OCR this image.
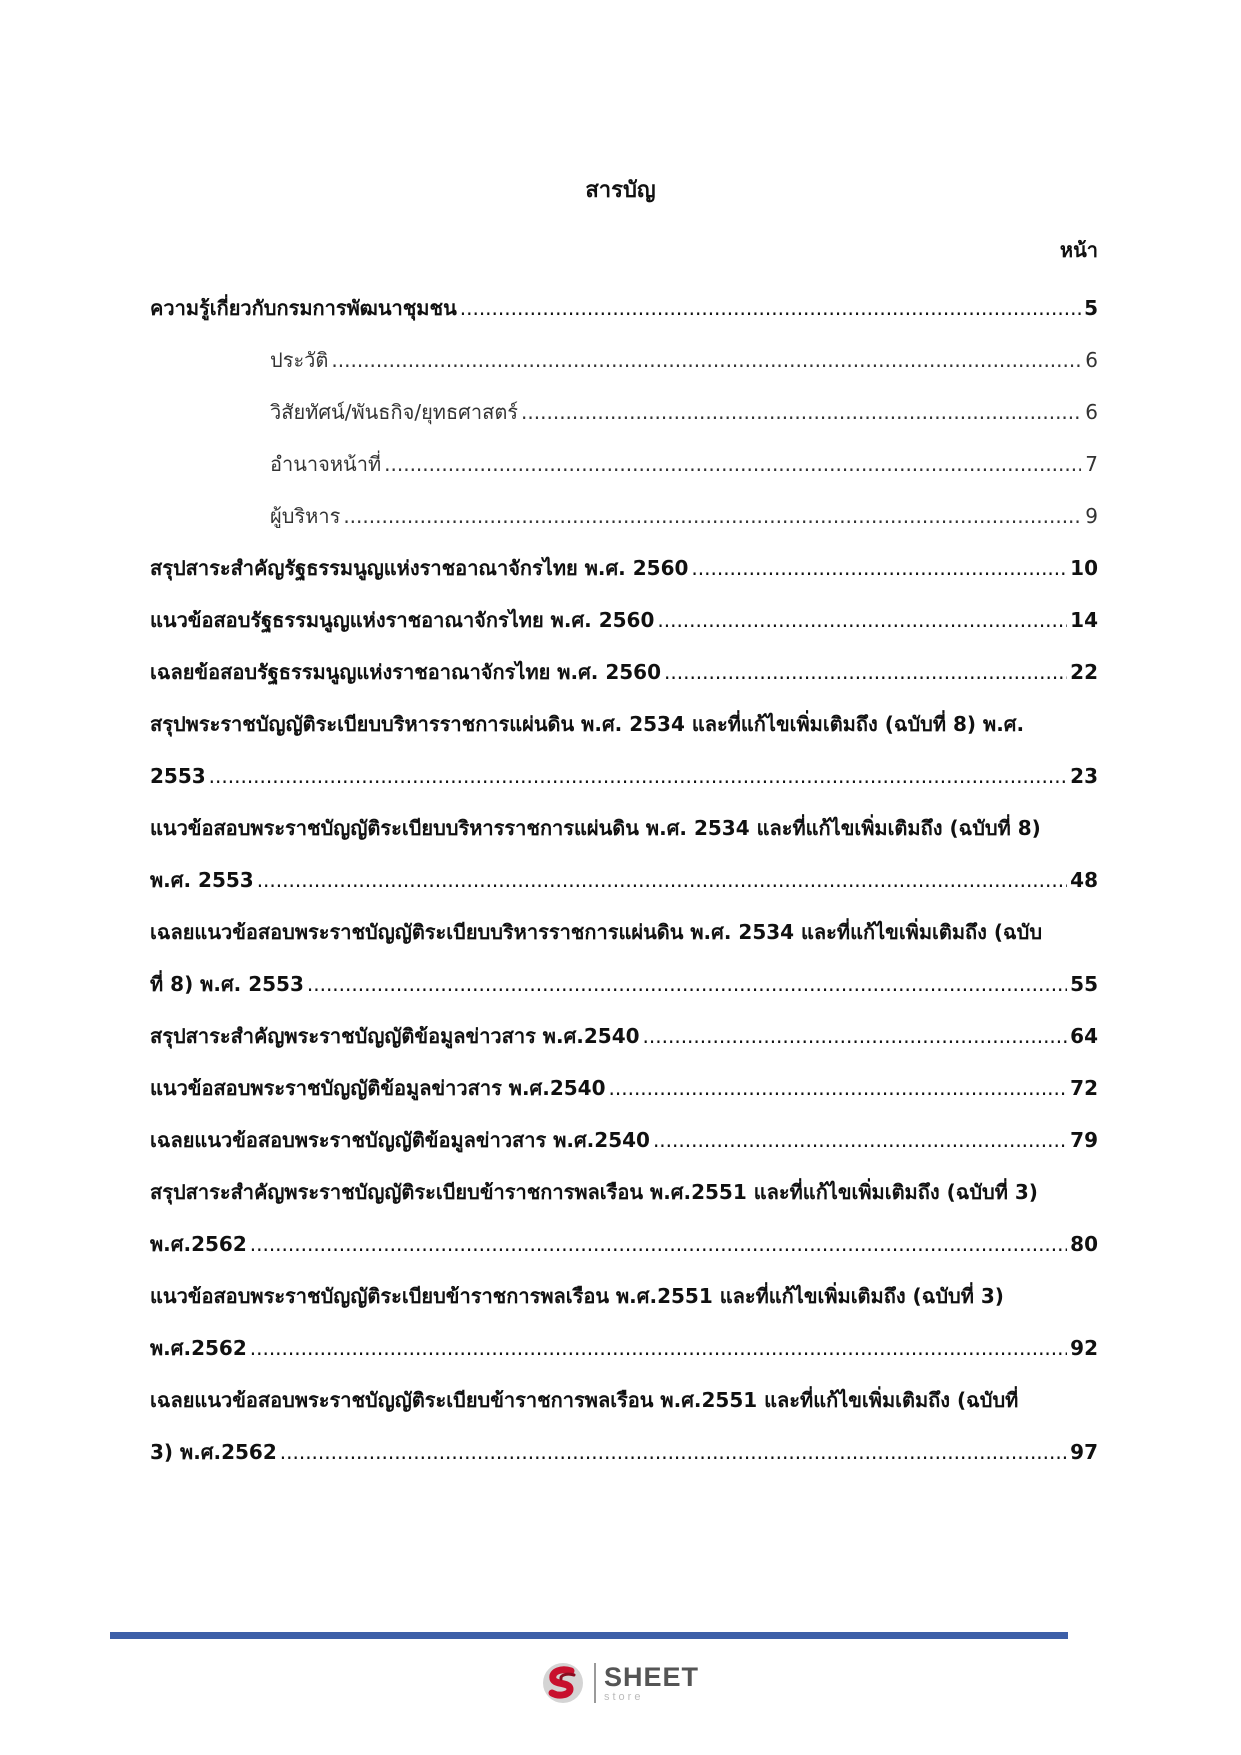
สารบัญ
หน้า
ความรู้เกี่ยวกับกรมการพัฒนาชุมชน .....	5
ประวัติ .....	6
วิสัยทัศน์/พันธกิจ/ยุทธศาสตร์ .....	6
อำนาจหน้าที่ .....	7
ผู้บริหาร .....	9
สรุปสาระสำคัญรัฐธรรมนูญแห่งราชอาณาจักรไทย พ.ศ. 2560 .....	10
แนวข้อสอบรัฐธรรมนูญแห่งราชอาณาจักรไทย พ.ศ. 2560 .....	14
เฉลยข้อสอบรัฐธรรมนูญแห่งราชอาณาจักรไทย พ.ศ. 2560 .....	22
สรุปพระราชบัญญัติระเบียบบริหารราชการแผ่นดิน พ.ศ. 2534 และที่แก้ไขเพิ่มเติมถึง (ฉบับที่ 8) พ.ศ.
2553 .....	23
แนวข้อสอบพระราชบัญญัติระเบียบบริหารราชการแผ่นดิน พ.ศ. 2534 และที่แก้ไขเพิ่มเติมถึง (ฉบับที่ 8)
พ.ศ. 2553 .....	48
เฉลยแนวข้อสอบพระราชบัญญัติระเบียบบริหารราชการแผ่นดิน พ.ศ. 2534 และที่แก้ไขเพิ่มเติมถึง (ฉบับ
ที่ 8) พ.ศ. 2553 .....	55
สรุปสาระสำคัญพระราชบัญญัติข้อมูลข่าวสาร พ.ศ.2540 .....	64
แนวข้อสอบพระราชบัญญัติข้อมูลข่าวสาร พ.ศ.2540 .....	72
เฉลยแนวข้อสอบพระราชบัญญัติข้อมูลข่าวสาร พ.ศ.2540 .....	79
สรุปสาระสำคัญพระราชบัญญัติระเบียบข้าราชการพลเรือน พ.ศ.2551 และที่แก้ไขเพิ่มเติมถึง (ฉบับที่ 3)
พ.ศ.2562 .....	80
แนวข้อสอบพระราชบัญญัติระเบียบข้าราชการพลเรือน พ.ศ.2551 และที่แก้ไขเพิ่มเติมถึง (ฉบับที่ 3)
พ.ศ.2562 .....	92
เฉลยแนวข้อสอบพระราชบัญญัติระเบียบข้าราชการพลเรือน พ.ศ.2551 และที่แก้ไขเพิ่มเติมถึง (ฉบับที่
3) พ.ศ.2562 .....	97
SHEET
store
